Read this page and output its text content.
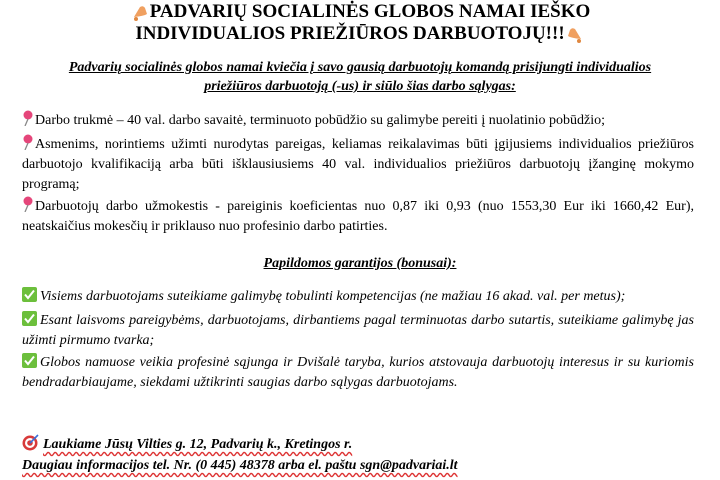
PADVARIŲ SOCIALINĖS GLOBOS NAMAI IEŠKO
INDIVIDUALIOS PRIEŽIŪROS DARBUOTOJŲ!!!
Padvarių socialinės globos namai kviečia į savo gausią darbuotojų komandą prisijungti individualios priežiūros darbuotoją (-us) ir siūlo šias darbo sąlygas:
Darbo trukmė – 40 val. darbo savaitė, terminuoto pobūdžio su galimybe pereiti į nuolatinio pobūdžio;
Asmenims, norintiems užimti nurodytas pareigas, keliamas reikalavimas būti įgijusiems individualios priežiūros darbuotojo kvalifikaciją arba būti išklausiusiems 40 val. individualios priežiūros darbuotojų įžanginę mokymo programą;
Darbuotojų darbo užmokestis - pareiginis koeficientas nuo 0,87 iki 0,93 (nuo 1553,30 Eur iki 1660,42 Eur), neatskaičius mokesčių ir priklauso nuo profesinio darbo patirties.
Papildomos garantijos (bonusai):
Visiems darbuotojams suteikiame galimybę tobulinti kompetencijas (ne mažiau 16 akad. val. per metus);
Esant laisvoms pareigybėms, darbuotojams, dirbantiems pagal terminuotas darbo sutartis, suteikiame galimybę jas užimti pirmumo tvarka;
Globos namuose veikia profesinė sąjunga ir Dvišalė taryba, kurios atstovauja darbuotojų interesus ir su kuriomis bendradarbiaujame, siekdami užtikrinti saugias darbo sąlygas darbuotojams.
Laukiame Jūsų Vilties g. 12, Padvarių k., Kretingos r.
Daugiau informacijos tel. Nr. (0 445) 48378 arba el. paštu sgn@padvariai.lt
